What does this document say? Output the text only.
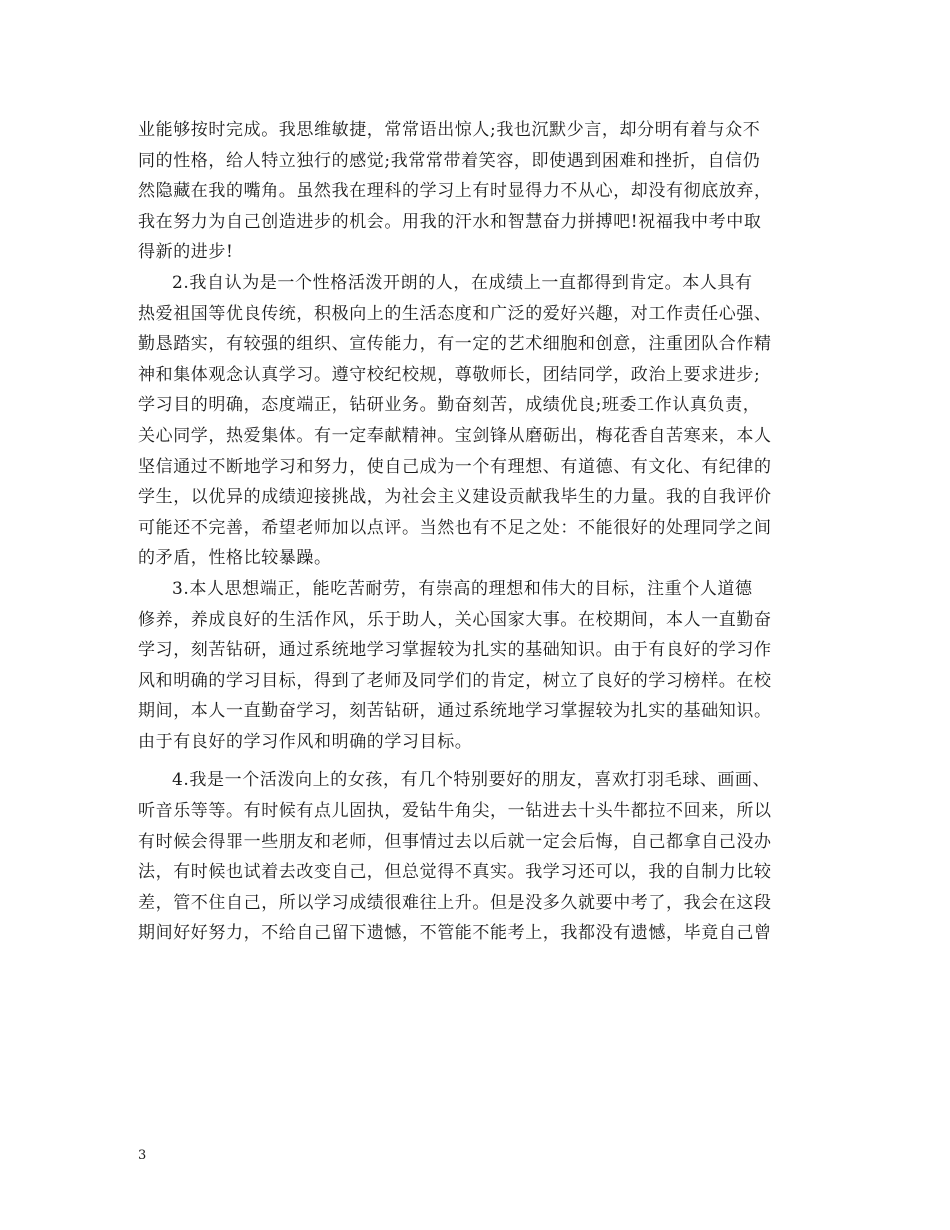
业能够按时完成。我思维敏捷，常常语出惊人;我也沉默少言，却分明有着与众不
同的性格，给人特立独行的感觉;我常常带着笑容，即使遇到困难和挫折，自信仍
然隐藏在我的嘴角。虽然我在理科的学习上有时显得力不从心，却没有彻底放弃，
我在努力为自己创造进步的机会。用我的汗水和智慧奋力拼搏吧!祝福我中考中取
得新的进步!
2.我自认为是一个性格活泼开朗的人，在成绩上一直都得到肯定。本人具有
热爱祖国等优良传统，积极向上的生活态度和广泛的爱好兴趣，对工作责任心强、
勤恳踏实，有较强的组织、宣传能力，有一定的艺术细胞和创意，注重团队合作精
神和集体观念认真学习。遵守校纪校规，尊敬师长，团结同学，政治上要求进步;
学习目的明确，态度端正，钻研业务。勤奋刻苦，成绩优良;班委工作认真负责，
关心同学，热爱集体。有一定奉献精神。宝剑锋从磨砺出，梅花香自苦寒来，本人
坚信通过不断地学习和努力，使自己成为一个有理想、有道德、有文化、有纪律的
学生，以优异的成绩迎接挑战，为社会主义建设贡献我毕生的力量。我的自我评价
可能还不完善，希望老师加以点评。当然也有不足之处：不能很好的处理同学之间
的矛盾，性格比较暴躁。
3.本人思想端正，能吃苦耐劳，有崇高的理想和伟大的目标，注重个人道德
修养，养成良好的生活作风，乐于助人，关心国家大事。在校期间，本人一直勤奋
学习，刻苦钻研，通过系统地学习掌握较为扎实的基础知识。由于有良好的学习作
风和明确的学习目标，得到了老师及同学们的肯定，树立了良好的学习榜样。在校
期间，本人一直勤奋学习，刻苦钻研，通过系统地学习掌握较为扎实的基础知识。
由于有良好的学习作风和明确的学习目标。
4.我是一个活泼向上的女孩，有几个特别要好的朋友，喜欢打羽毛球、画画、
听音乐等等。有时候有点儿固执，爱钻牛角尖，一钻进去十头牛都拉不回来，所以
有时候会得罪一些朋友和老师，但事情过去以后就一定会后悔，自己都拿自己没办
法，有时候也试着去改变自己，但总觉得不真实。我学习还可以，我的自制力比较
差，管不住自己，所以学习成绩很难往上升。但是没多久就要中考了，我会在这段
期间好好努力，不给自己留下遗憾，不管能不能考上，我都没有遗憾，毕竟自己曾
3
